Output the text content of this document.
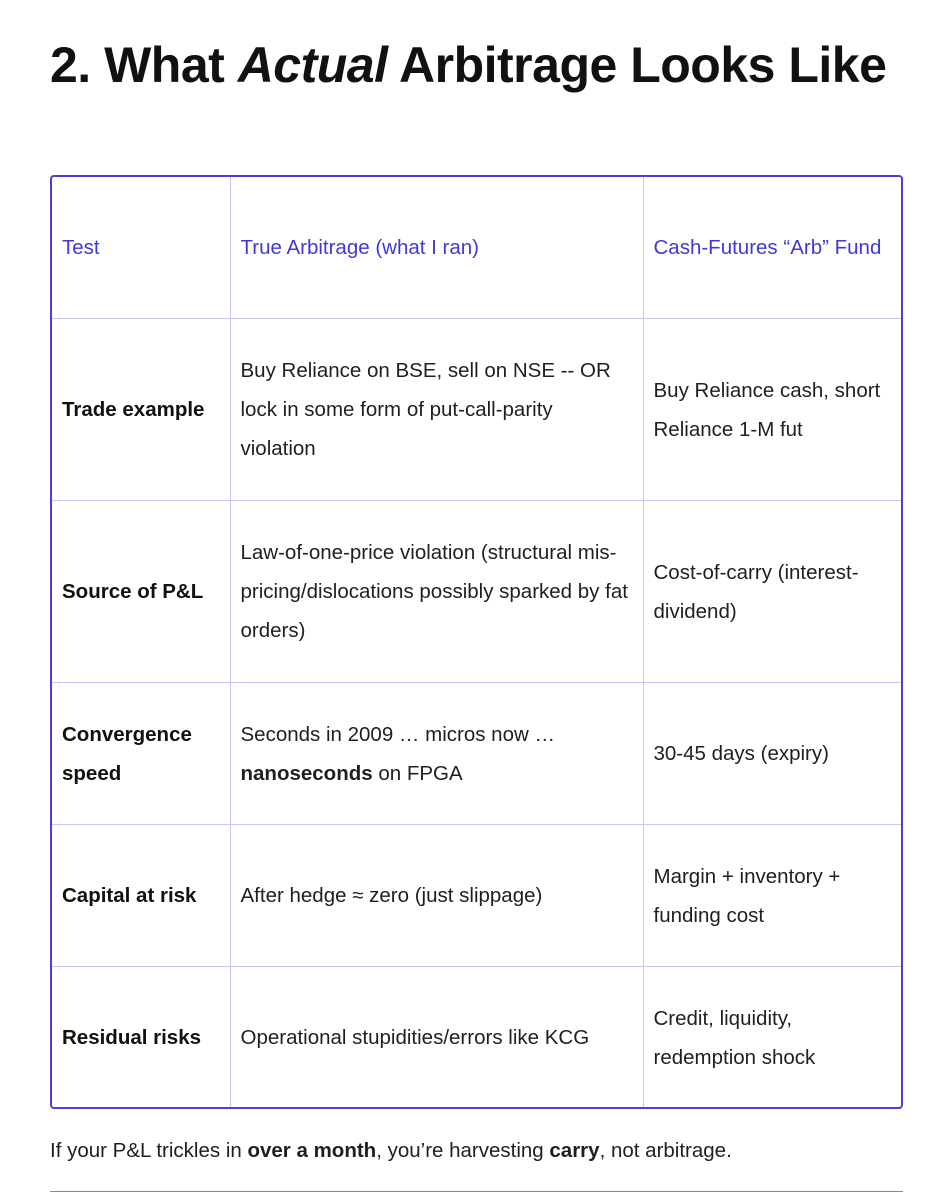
2. What Actual Arbitrage Looks Like
Test	True Arbitrage (what I ran)	Cash-Futures “Arb” Fund
Trade example	Buy Reliance on BSE, sell on NSE -- OR lock in some form of put-call-parity violation	Buy Reliance cash, short Reliance 1-M fut
Source of P&L	Law-of-one-price violation (structural mis-pricing/dislocations possibly sparked by fat orders)	Cost-of-carry (interest-dividend)
Convergence speed	Seconds in 2009 … micros now … nanoseconds on FPGA	30-45 days (expiry)
Capital at risk	After hedge ≈ zero (just slippage)	Margin + inventory + funding cost
Residual risks	Operational stupidities/errors like KCG	Credit, liquidity, redemption shock

If your P&L trickles in over a month, you’re harvesting carry, not arbitrage.
